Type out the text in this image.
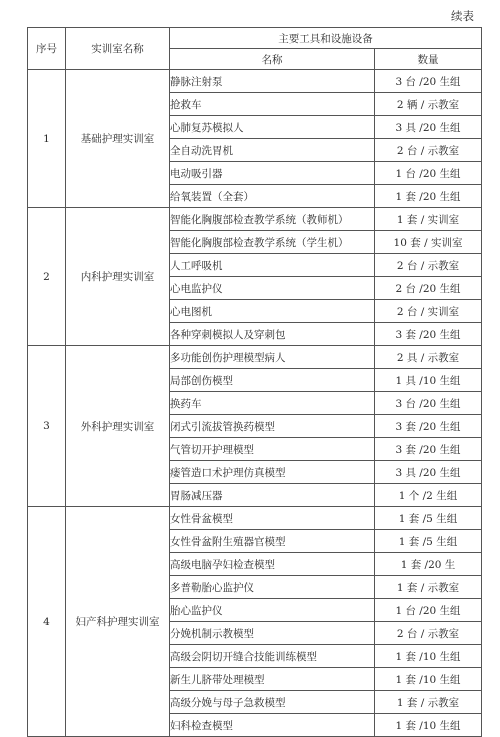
续表
序号	实训室名称	主要工具和设施设备	
		名称	数量
1	基础护理实训室	静脉注射泵	3 台 /20 生组
		抢救车	2 辆 / 示教室
		心肺复苏模拟人	3 具 /20 生组
		全自动洗胃机	2 台 / 示教室
		电动吸引器	1 台 /20 生组
		给氧装置（全套）	1 套 /20 生组
2	内科护理实训室	智能化胸腹部检查教学系统（教师机）	1 套 / 实训室
		智能化胸腹部检查教学系统（学生机）	10 套 / 实训室
		人工呼吸机	2 台 / 示教室
		心电监护仪	2 台 /20 生组
		心电图机	2 台 / 实训室
		各种穿刺模拟人及穿刺包	3 套 /20 生组
3	外科护理实训室	多功能创伤护理模型病人	2 具 / 示教室
		局部创伤模型	1 具 /10 生组
		换药车	3 台 /20 生组
		闭式引流拔管换药模型	3 套 /20 生组
		气管切开护理模型	3 套 /20 生组
		瘘管造口术护理仿真模型	3 具 /20 生组
		胃肠减压器	1 个 /2 生组
4	妇产科护理实训室	女性骨盆模型	1 套 /5 生组
		女性骨盆附生殖器官模型	1 套 /5 生组
		高级电脑孕妇检查模型	1 套 /20 生
		多普勒胎心监护仪	1 套 / 示教室
		胎心监护仪	1 台 /20 生组
		分娩机制示教模型	2 台 / 示教室
		高级会阴切开缝合技能训练模型	1 套 /10 生组
		新生儿脐带处理模型	1 套 /10 生组
		高级分娩与母子急救模型	1 套 / 示教室
		妇科检查模型	1 套 /10 生组
